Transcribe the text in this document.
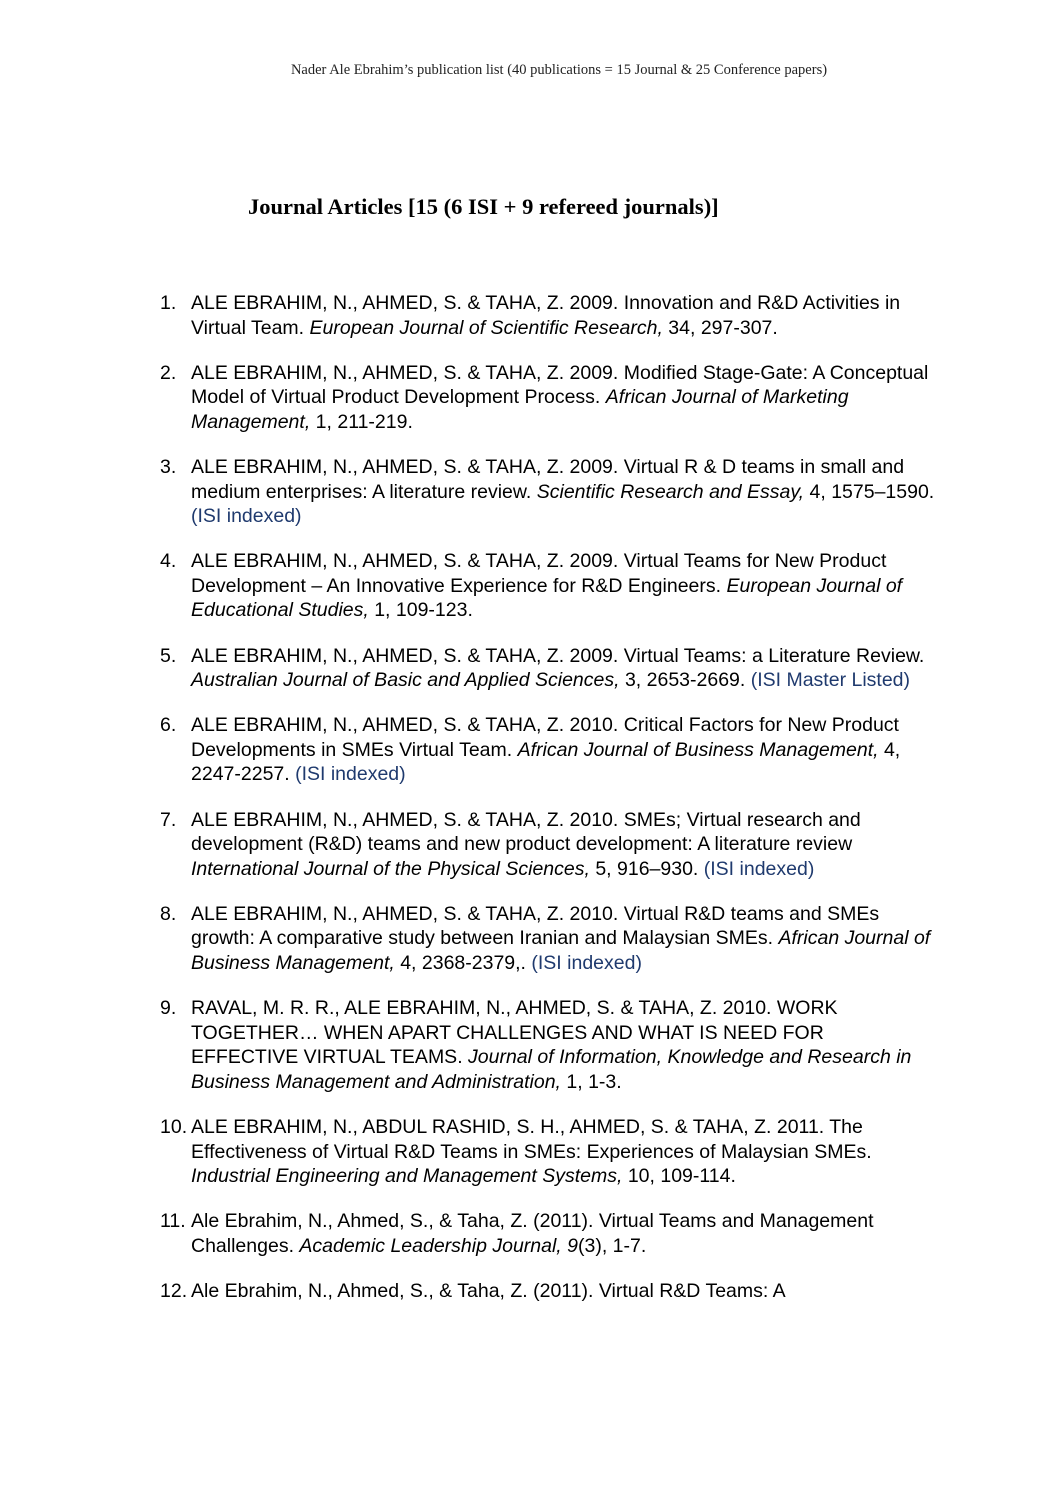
Nader Ale Ebrahim’s publication list (40 publications = 15 Journal & 25 Conference papers)
Journal Articles [15 (6 ISI + 9 refereed journals)]
1. ALE EBRAHIM, N., AHMED, S. & TAHA, Z. 2009. Innovation and R&D Activities in Virtual Team. European Journal of Scientific Research, 34, 297-307.
2. ALE EBRAHIM, N., AHMED, S. & TAHA, Z. 2009. Modified Stage-Gate: A Conceptual Model of Virtual Product Development Process. African Journal of Marketing Management, 1, 211-219.
3. ALE EBRAHIM, N., AHMED, S. & TAHA, Z. 2009. Virtual R & D teams in small and medium enterprises: A literature review. Scientific Research and Essay, 4, 1575–1590. (ISI indexed)
4. ALE EBRAHIM, N., AHMED, S. & TAHA, Z. 2009. Virtual Teams for New Product Development – An Innovative Experience for R&D Engineers. European Journal of Educational Studies, 1, 109-123.
5. ALE EBRAHIM, N., AHMED, S. & TAHA, Z. 2009. Virtual Teams: a Literature Review. Australian Journal of Basic and Applied Sciences, 3, 2653-2669. (ISI Master Listed)
6. ALE EBRAHIM, N., AHMED, S. & TAHA, Z. 2010. Critical Factors for New Product Developments in SMEs Virtual Team. African Journal of Business Management, 4, 2247-2257. (ISI indexed)
7. ALE EBRAHIM, N., AHMED, S. & TAHA, Z. 2010. SMEs; Virtual research and development (R&D) teams and new product development: A literature review International Journal of the Physical Sciences, 5, 916–930. (ISI indexed)
8. ALE EBRAHIM, N., AHMED, S. & TAHA, Z. 2010. Virtual R&D teams and SMEs growth: A comparative study between Iranian and Malaysian SMEs. African Journal of Business Management, 4, 2368-2379,. (ISI indexed)
9. RAVAL, M. R. R., ALE EBRAHIM, N., AHMED, S. & TAHA, Z. 2010. WORK TOGETHER… WHEN APART CHALLENGES AND WHAT IS NEED FOR EFFECTIVE VIRTUAL TEAMS. Journal of Information, Knowledge and Research in Business Management and Administration, 1, 1-3.
10. ALE EBRAHIM, N., ABDUL RASHID, S. H., AHMED, S. & TAHA, Z. 2011. The Effectiveness of Virtual R&D Teams in SMEs: Experiences of Malaysian SMEs. Industrial Engineering and Management Systems, 10, 109-114.
11. Ale Ebrahim, N., Ahmed, S., & Taha, Z. (2011). Virtual Teams and Management Challenges. Academic Leadership Journal, 9(3), 1-7.
12. Ale Ebrahim, N., Ahmed, S., & Taha, Z. (2011). Virtual R&D Teams: A
